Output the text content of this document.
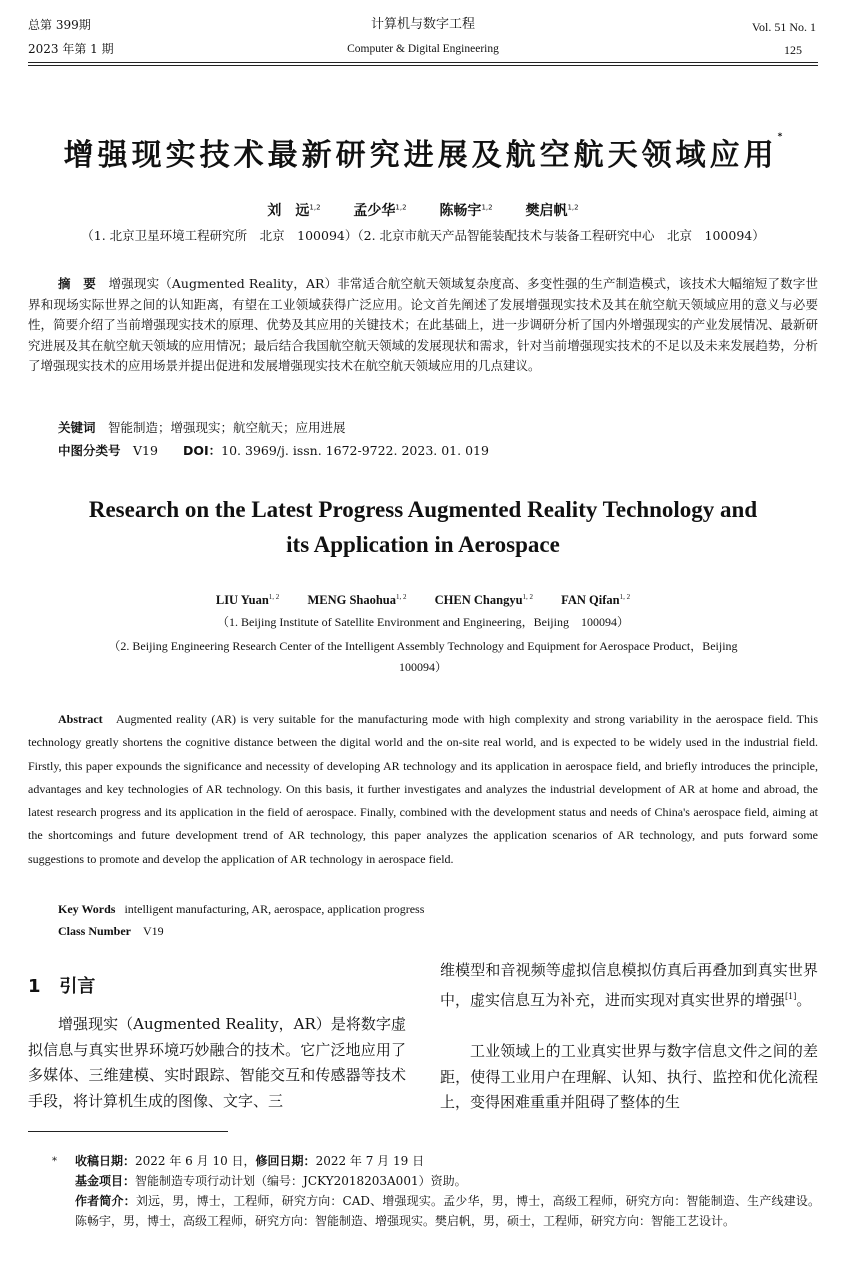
总第 399期
2023 年第 1 期
计算机与数字工程
Computer & Digital Engineering
Vol. 51 No. 1
125
增强现实技术最新研究进展及航空航天领域应用*
刘　远$^{1,2}$　　 孟少华$^{1,2}$　　 陈畅宇$^{1,2}$　　 樊启帆$^{1,2}$
（1. 北京卫星环境工程研究所　北京　100094）（2. 北京市航天产品智能装配技术与装备工程研究中心　北京　100094）
摘　要　 增强现实（Augmented Reality，AR）非常适合航空航天领域复杂度高、多变性强的生产制造模式，该技术大幅缩短了数字世界和现场实际世界之间的认知距离，有望在工业领域获得广泛应用。论文首先阐述了发展增强现实技术及其在航空航天领域应用的意义与必要性，简要介绍了当前增强现实技术的原理、优势及其应用的关键技术；在此基础上，进一步调研分析了国内外增强现实的产业发展情况、最新研究进展及其在航空航天领域的应用情况；最后结合我国航空航天领域的发展现状和需求，针对当前增强现实技术的不足以及未来发展趋势，分析了增强现实技术的应用场景并提出促进和发展增强现实技术在航空航天领域应用的几点建议。
关键词　 智能制造；增强现实；航空航天；应用进展
中图分类号　 V19　　 DOI：10. 3969/j. issn. 1672-9722. 2023. 01. 019
Research on the Latest Progress Augmented Reality Technology and
its Application in Aerospace
LIU Yuan$^{1, 2}$　　 MENG Shaohua$^{1, 2}$　　 CHEN Changyu$^{1, 2}$　　 FAN Qifan$^{1, 2}$
（1. Beijing Institute of Satellite Environment and Engineering，Beijing　100094）
（2. Beijing Engineering Research Center of the Intelligent Assembly Technology and Equipment for Aerospace Product，Beijing
100094）
Abstract Augmented reality (AR) is very suitable for the manufacturing mode with high complexity and strong variability in the aerospace field. This technology greatly shortens the cognitive distance between the digital world and the on-site real world, and is expected to be widely used in the industrial field. Firstly, this paper expounds the significance and necessity of developing AR technology and its application in aerospace field, and briefly introduces the principle, advantages and key technologies of AR technology. On this basis, it further investigates and analyzes the industrial development of AR at home and abroad, the latest research progress and its application in the field of aerospace. Finally, combined with the development status and needs of China's aerospace field, aiming at the shortcomings and future development trend of AR technology, this paper analyzes the application scenarios of AR technology, and puts forward some suggestions to promote and develop the application of AR technology in aerospace field.
Key Words intelligent manufacturing, AR, aerospace, application progress
Class Number V19
1 引言
增强现实（Augmented Reality，AR）是将数字虚拟信息与真实世界环境巧妙融合的技术。它广泛地应用了多媒体、三维建模、实时跟踪、智能交互和传感器等技术手段，将计算机生成的图像、文字、三
维模型和音视频等虚拟信息模拟仿真后再叠加到真实世界中，虚实信息互为补充，进而实现对真实世界的增强[1]。
工业领域上的工业真实世界与数字信息文件之间的差距，使得工业用户在理解、认知、执行、监控和优化流程上，变得困难重重并阻碍了整体的生
* 收稿日期：2022 年 6 月 10 日，修回日期：2022 年 7 月 19 日
基金项目：智能制造专项行动计划（编号：JCKY2018203A001）资助。
作者简介：刘远，男，博士，工程师，研究方向：CAD、增强现实。孟少华，男，博士，高级工程师，研究方向：智能制造、生产线建设。陈畅宇，男，博士，高级工程师，研究方向：智能制造、增强现实。樊启帆，男，硕士，工程师，研究方向：智能工艺设计。
